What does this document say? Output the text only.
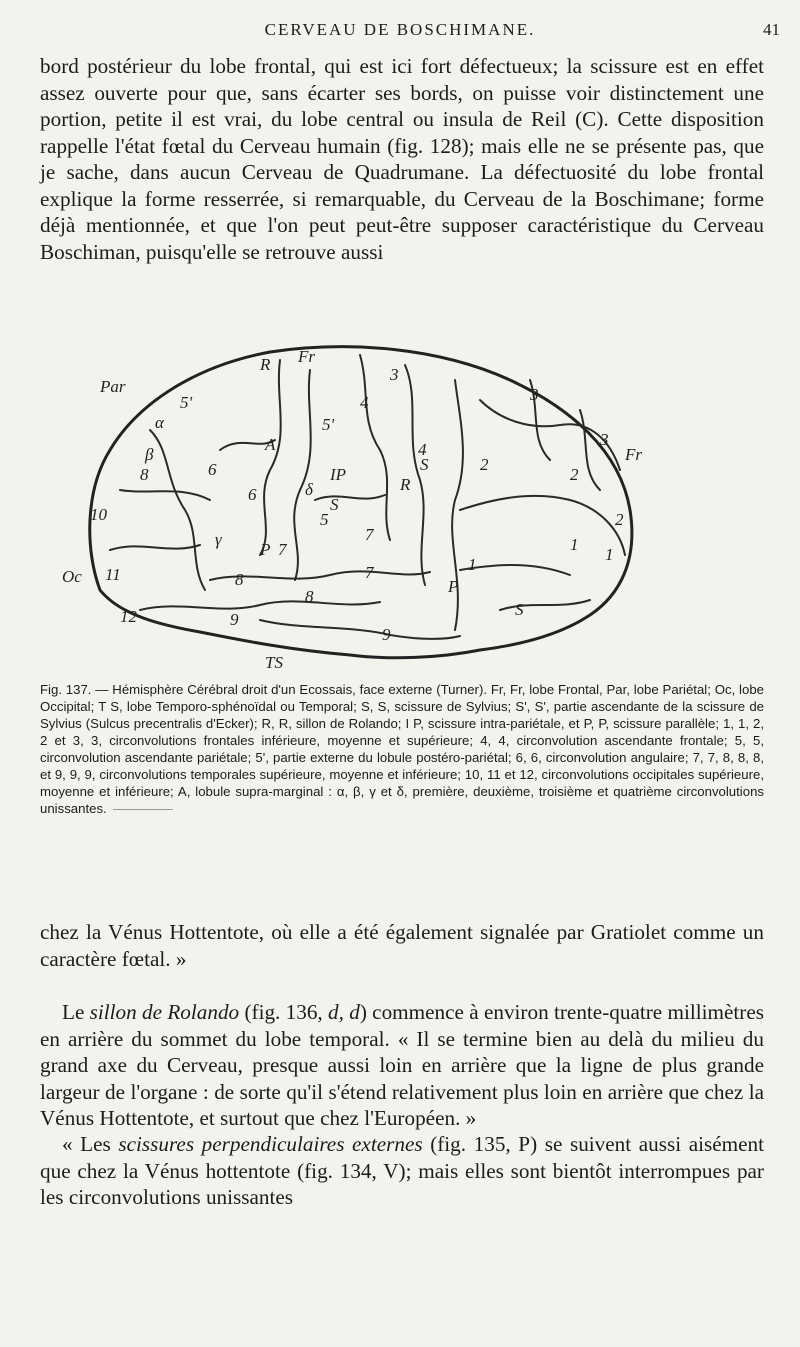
CERVEAU DE BOSCHIMANE.	41

bord postérieur du lobe frontal, qui est ici fort défectueux; la scissure est en effet assez ouverte pour que, sans écarter ses bords, on puisse voir distinctement une portion, petite il est vrai, du lobe central ou insula de Reil (C). Cette disposition rappelle l'état fœtal du Cerveau humain (fig. 128); mais elle ne se présente pas, que je sache, dans aucun Cerveau de Quadrumane. La défectuosité du lobe frontal explique la forme resserrée, si remarquable, du Cerveau de la Boschimane; forme déjà mentionnée, et que l'on peut peut-être supposer caractéristique du Cerveau Boschiman, puisqu'elle se retrouve aussi

Par
R Fr
Fr
Oc
TS
IP
P
P
R
S
S
S
3
4
4
5
5'
5'
6
6
7
7
7
8
8
8
9
9
10
11
12
1
1
1
2
2
2
3
3
A
α
β
γ
δ

Fig. 137. — Hémisphère Cérébral droit d'un Ecossais, face externe (Turner). Fr, Fr, lobe Frontal, Par, lobe Pariétal; Oc, lobe Occipital; T S, lobe Temporo-sphénoïdal ou Temporal; S, S, scissure de Sylvius; S', S', partie ascendante de la scissure de Sylvius (Sulcus precentralis d'Ecker); R, R, sillon de Rolando; I P, scissure intra-pariétale, et P, P, scissure parallèle; 1, 1, 2, 2 et 3, 3, circonvolutions frontales inférieure, moyenne et supérieure; 4, 4, circonvolution ascendante frontale; 5, 5, circonvolution ascendante pariétale; 5', partie externe du lobule postéro-pariétal; 6, 6, circonvolution angulaire; 7, 7, 8, 8, 8, et 9, 9, 9, circonvolutions temporales supérieure, moyenne et inférieure; 10, 11 et 12, circonvolutions occipitales supérieure, moyenne et inférieure; A, lobule supra-marginal : α, β, γ et δ, première, deuxième, troisième et quatrième circonvolutions unissantes.

chez la Vénus Hottentote, où elle a été également signalée par Gratiolet comme un caractère fœtal. »

Le sillon de Rolando (fig. 136, d, d) commence à environ trente-quatre millimètres en arrière du sommet du lobe temporal. « Il se termine bien au delà du milieu du grand axe du Cerveau, presque aussi loin en arrière que la ligne de plus grande largeur de l'organe : de sorte qu'il s'étend relativement plus loin en arrière que chez la Vénus Hottentote, et surtout que chez l'Européen. »

« Les scissures perpendiculaires externes (fig. 135, P) se suivent aussi aisément que chez la Vénus hottentote (fig. 134, V); mais elles sont bientôt interrompues par les circonvolutions unissantes
